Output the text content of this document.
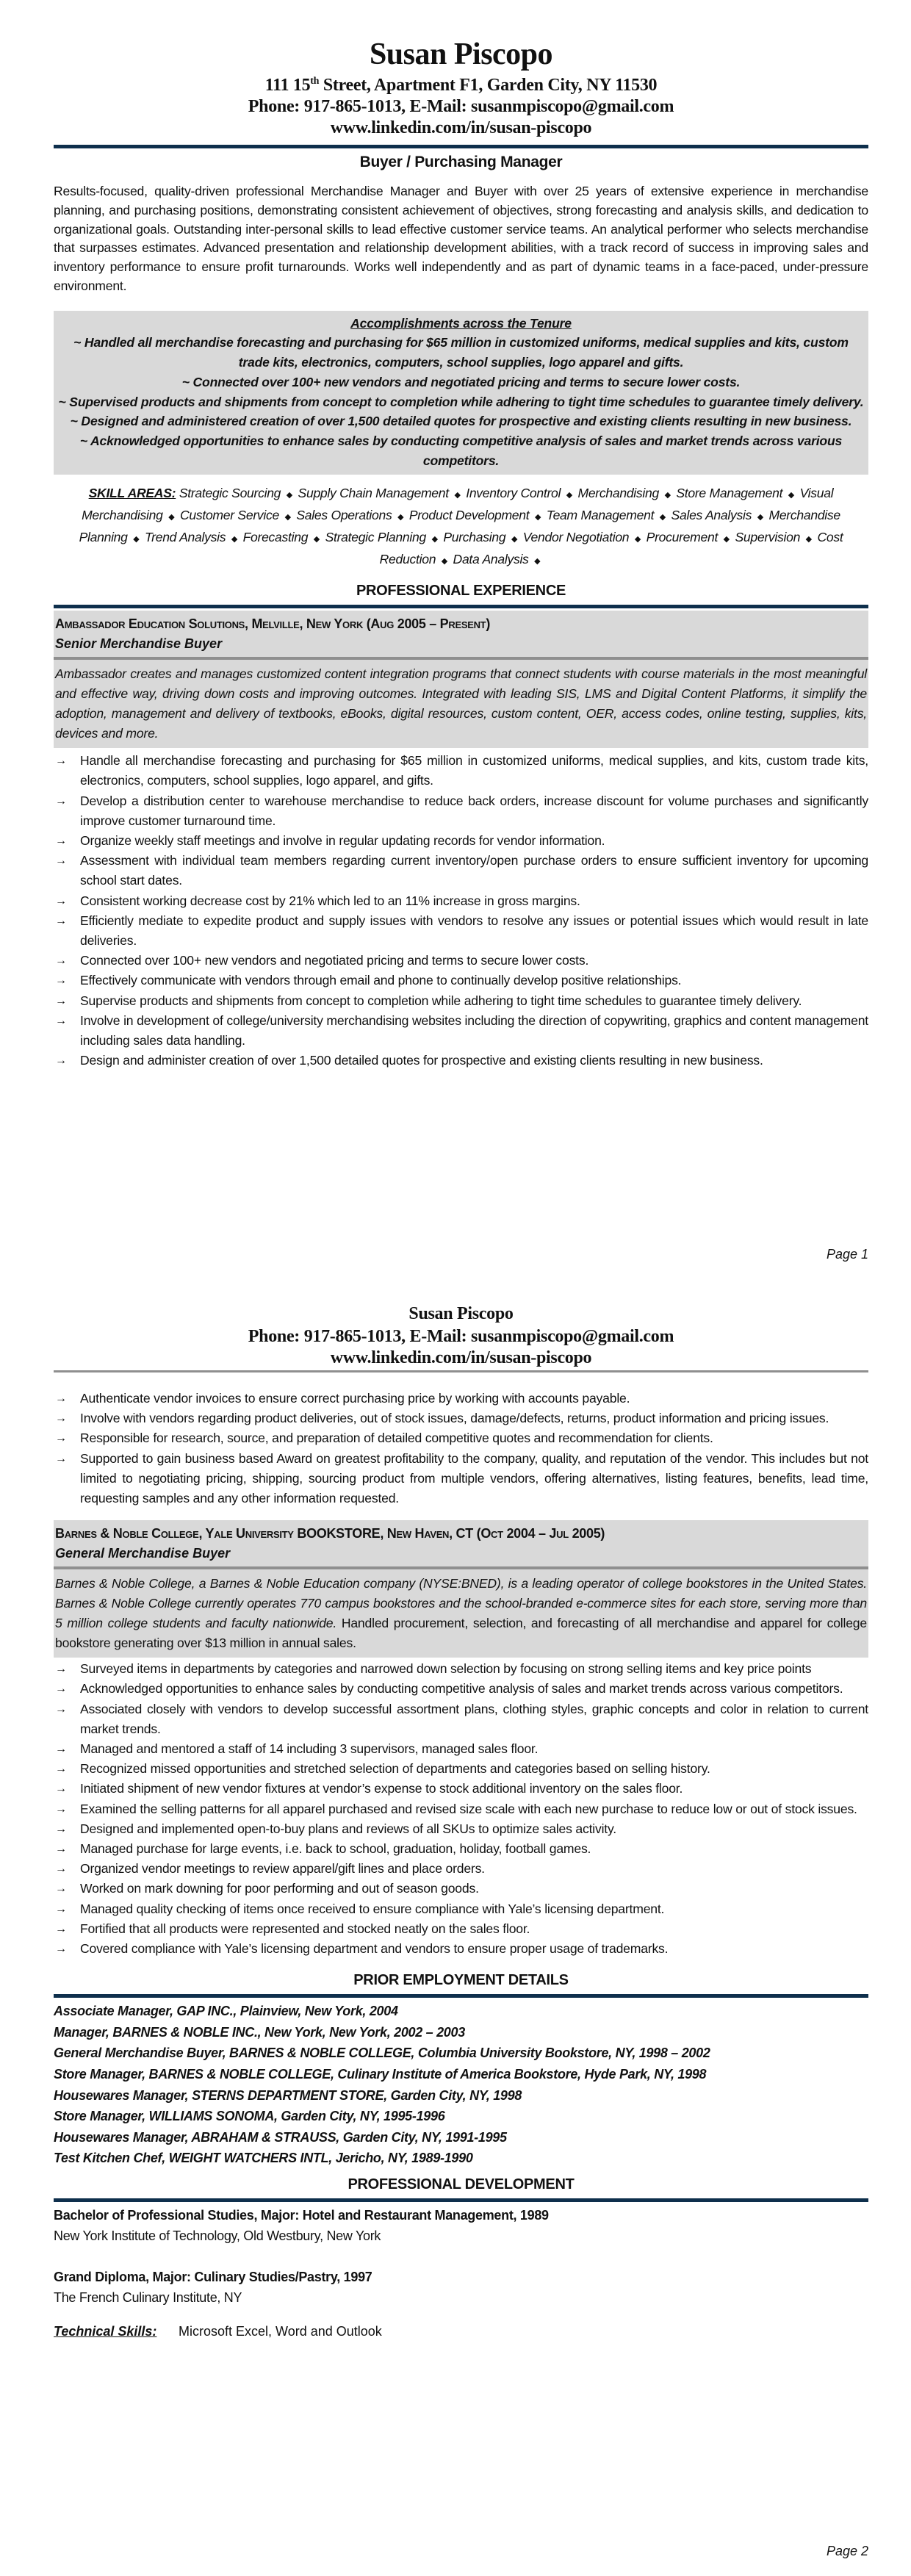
Susan Piscopo
111 15th Street, Apartment F1, Garden City, NY 11530
Phone: 917-865-1013, E-Mail: susanmpiscopo@gmail.com
www.linkedin.com/in/susan-piscopo
Buyer / Purchasing Manager
Results-focused, quality-driven professional Merchandise Manager and Buyer with over 25 years of extensive experience in merchandise planning, and purchasing positions, demonstrating consistent achievement of objectives, strong forecasting and analysis skills, and dedication to organizational goals. Outstanding inter-personal skills to lead effective customer service teams. An analytical performer who selects merchandise that surpasses estimates. Advanced presentation and relationship development abilities, with a track record of success in improving sales and inventory performance to ensure profit turnarounds. Works well independently and as part of dynamic teams in a face-paced, under-pressure environment.
Accomplishments across the Tenure
~ Handled all merchandise forecasting and purchasing for $65 million in customized uniforms, medical supplies and kits, custom trade kits, electronics, computers, school supplies, logo apparel and gifts.
~ Connected over 100+ new vendors and negotiated pricing and terms to secure lower costs.
~ Supervised products and shipments from concept to completion while adhering to tight time schedules to guarantee timely delivery.
~ Designed and administered creation of over 1,500 detailed quotes for prospective and existing clients resulting in new business.
~ Acknowledged opportunities to enhance sales by conducting competitive analysis of sales and market trends across various competitors.
SKILL AREAS: Strategic Sourcing ◆ Supply Chain Management ◆ Inventory Control ◆ Merchandising ◆ Store Management ◆ Visual Merchandising ◆ Customer Service ◆ Sales Operations ◆ Product Development ◆ Team Management ◆ Sales Analysis ◆ Merchandise Planning ◆ Trend Analysis ◆ Forecasting ◆ Strategic Planning ◆ Purchasing ◆ Vendor Negotiation ◆ Procurement ◆ Supervision ◆ Cost Reduction ◆ Data Analysis ◆
PROFESSIONAL EXPERIENCE
Ambassador Education Solutions, Melville, New York (Aug 2005 – Present)
Senior Merchandise Buyer
Ambassador creates and manages customized content integration programs that connect students with course materials in the most meaningful and effective way, driving down costs and improving outcomes. Integrated with leading SIS, LMS and Digital Content Platforms, it simplify the adoption, management and delivery of textbooks, eBooks, digital resources, custom content, OER, access codes, online testing, supplies, kits, devices and more.
→ Handle all merchandise forecasting and purchasing for $65 million in customized uniforms, medical supplies, and kits, custom trade kits, electronics, computers, school supplies, logo apparel, and gifts.
→ Develop a distribution center to warehouse merchandise to reduce back orders, increase discount for volume purchases and significantly improve customer turnaround time.
→ Organize weekly staff meetings and involve in regular updating records for vendor information.
→ Assessment with individual team members regarding current inventory/open purchase orders to ensure sufficient inventory for upcoming school start dates.
→ Consistent working decrease cost by 21% which led to an 11% increase in gross margins.
→ Efficiently mediate to expedite product and supply issues with vendors to resolve any issues or potential issues which would result in late deliveries.
→ Connected over 100+ new vendors and negotiated pricing and terms to secure lower costs.
→ Effectively communicate with vendors through email and phone to continually develop positive relationships.
→ Supervise products and shipments from concept to completion while adhering to tight time schedules to guarantee timely delivery.
→ Involve in development of college/university merchandising websites including the direction of copywriting, graphics and content management including sales data handling.
→ Design and administer creation of over 1,500 detailed quotes for prospective and existing clients resulting in new business.
Page 1
Susan Piscopo
Phone: 917-865-1013, E-Mail: susanmpiscopo@gmail.com
www.linkedin.com/in/susan-piscopo
→ Authenticate vendor invoices to ensure correct purchasing price by working with accounts payable.
→ Involve with vendors regarding product deliveries, out of stock issues, damage/defects, returns, product information and pricing issues.
→ Responsible for research, source, and preparation of detailed competitive quotes and recommendation for clients.
→ Supported to gain business based Award on greatest profitability to the company, quality, and reputation of the vendor. This includes but not limited to negotiating pricing, shipping, sourcing product from multiple vendors, offering alternatives, listing features, benefits, lead time, requesting samples and any other information requested.
Barnes & Noble College, Yale University BOOKSTORE, New Haven, CT (Oct 2004 – Jul 2005)
General Merchandise Buyer
Barnes & Noble College, a Barnes & Noble Education company (NYSE:BNED), is a leading operator of college bookstores in the United States. Barnes & Noble College currently operates 770 campus bookstores and the school-branded e-commerce sites for each store, serving more than 5 million college students and faculty nationwide. Handled procurement, selection, and forecasting of all merchandise and apparel for college bookstore generating over $13 million in annual sales.
→ Surveyed items in departments by categories and narrowed down selection by focusing on strong selling items and key price points
→ Acknowledged opportunities to enhance sales by conducting competitive analysis of sales and market trends across various competitors.
→ Associated closely with vendors to develop successful assortment plans, clothing styles, graphic concepts and color in relation to current market trends.
→ Managed and mentored a staff of 14 including 3 supervisors, managed sales floor.
→ Recognized missed opportunities and stretched selection of departments and categories based on selling history.
→ Initiated shipment of new vendor fixtures at vendor’s expense to stock additional inventory on the sales floor.
→ Examined the selling patterns for all apparel purchased and revised size scale with each new purchase to reduce low or out of stock issues.
→ Designed and implemented open-to-buy plans and reviews of all SKUs to optimize sales activity.
→ Managed purchase for large events, i.e. back to school, graduation, holiday, football games.
→ Organized vendor meetings to review apparel/gift lines and place orders.
→ Worked on mark downing for poor performing and out of season goods.
→ Managed quality checking of items once received to ensure compliance with Yale’s licensing department.
→ Fortified that all products were represented and stocked neatly on the sales floor.
→ Covered compliance with Yale’s licensing department and vendors to ensure proper usage of trademarks.
PRIOR EMPLOYMENT DETAILS
Associate Manager, GAP INC., Plainview, New York, 2004
Manager, BARNES & NOBLE INC., New York, New York, 2002 – 2003
General Merchandise Buyer, BARNES & NOBLE COLLEGE, Columbia University Bookstore, NY, 1998 – 2002
Store Manager, BARNES & NOBLE COLLEGE, Culinary Institute of America Bookstore, Hyde Park, NY, 1998
Housewares Manager, STERNS DEPARTMENT STORE, Garden City, NY, 1998
Store Manager, WILLIAMS SONOMA, Garden City, NY, 1995-1996
Housewares Manager, ABRAHAM & STRAUSS, Garden City, NY, 1991-1995
Test Kitchen Chef, WEIGHT WATCHERS INTL, Jericho, NY, 1989-1990
PROFESSIONAL DEVELOPMENT
Bachelor of Professional Studies, Major: Hotel and Restaurant Management, 1989
New York Institute of Technology, Old Westbury, New York
Grand Diploma, Major: Culinary Studies/Pastry, 1997
The French Culinary Institute, NY
Technical Skills: Microsoft Excel, Word and Outlook
Page 2
